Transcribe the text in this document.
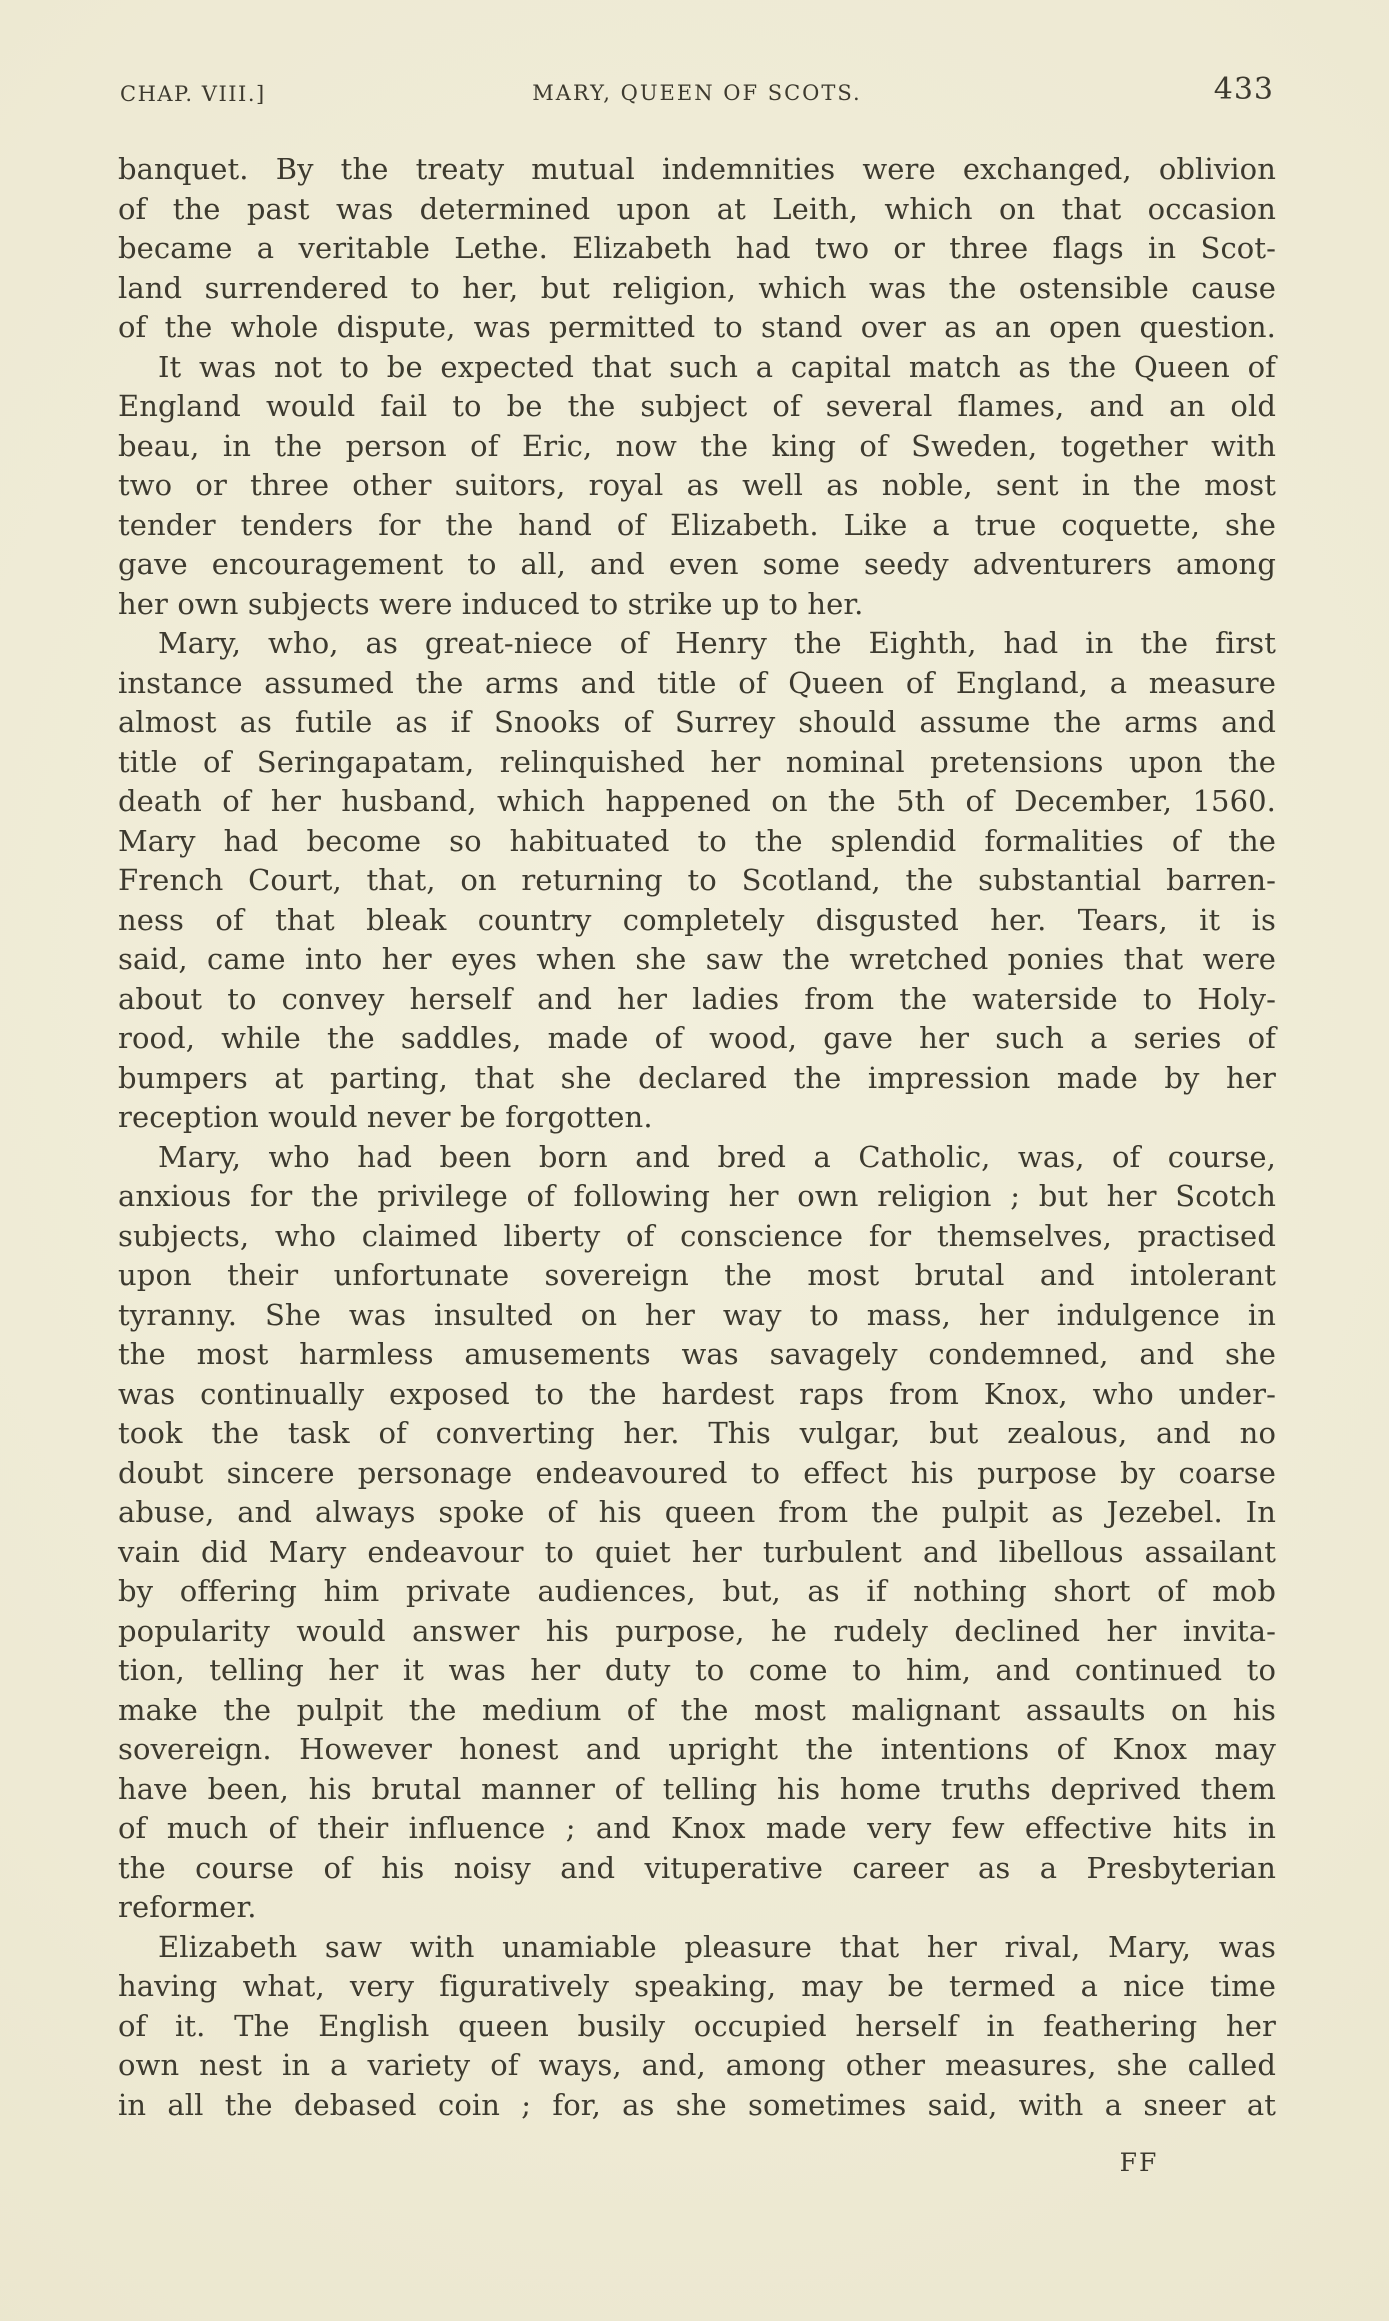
CHAP. VIII.]	MARY, QUEEN OF SCOTS.	433
banquet. By the treaty mutual indemnities were exchanged, oblivion
of the past was determined upon at Leith, which on that occasion
became a veritable Lethe. Elizabeth had two or three flags in Scot-
land surrendered to her, but religion, which was the ostensible cause
of the whole dispute, was permitted to stand over as an open question.
It was not to be expected that such a capital match as the Queen of
England would fail to be the subject of several flames, and an old
beau, in the person of Eric, now the king of Sweden, together with
two or three other suitors, royal as well as noble, sent in the most
tender tenders for the hand of Elizabeth. Like a true coquette, she
gave encouragement to all, and even some seedy adventurers among
her own subjects were induced to strike up to her.
Mary, who, as great-niece of Henry the Eighth, had in the first
instance assumed the arms and title of Queen of England, a measure
almost as futile as if Snooks of Surrey should assume the arms and
title of Seringapatam, relinquished her nominal pretensions upon the
death of her husband, which happened on the 5th of December, 1560.
Mary had become so habituated to the splendid formalities of the
French Court, that, on returning to Scotland, the substantial barren-
ness of that bleak country completely disgusted her. Tears, it is
said, came into her eyes when she saw the wretched ponies that were
about to convey herself and her ladies from the waterside to Holy-
rood, while the saddles, made of wood, gave her such a series of
bumpers at parting, that she declared the impression made by her
reception would never be forgotten.
Mary, who had been born and bred a Catholic, was, of course,
anxious for the privilege of following her own religion ; but her Scotch
subjects, who claimed liberty of conscience for themselves, practised
upon their unfortunate sovereign the most brutal and intolerant
tyranny. She was insulted on her way to mass, her indulgence in
the most harmless amusements was savagely condemned, and she
was continually exposed to the hardest raps from Knox, who under-
took the task of converting her. This vulgar, but zealous, and no
doubt sincere personage endeavoured to effect his purpose by coarse
abuse, and always spoke of his queen from the pulpit as Jezebel. In
vain did Mary endeavour to quiet her turbulent and libellous assailant
by offering him private audiences, but, as if nothing short of mob
popularity would answer his purpose, he rudely declined her invita-
tion, telling her it was her duty to come to him, and continued to
make the pulpit the medium of the most malignant assaults on his
sovereign. However honest and upright the intentions of Knox may
have been, his brutal manner of telling his home truths deprived them
of much of their influence ; and Knox made very few effective hits in
the course of his noisy and vituperative career as a Presbyterian
reformer.
Elizabeth saw with unamiable pleasure that her rival, Mary, was
having what, very figuratively speaking, may be termed a nice time
of it. The English queen busily occupied herself in feathering her
own nest in a variety of ways, and, among other measures, she called
in all the debased coin ; for, as she sometimes said, with a sneer at
FF
